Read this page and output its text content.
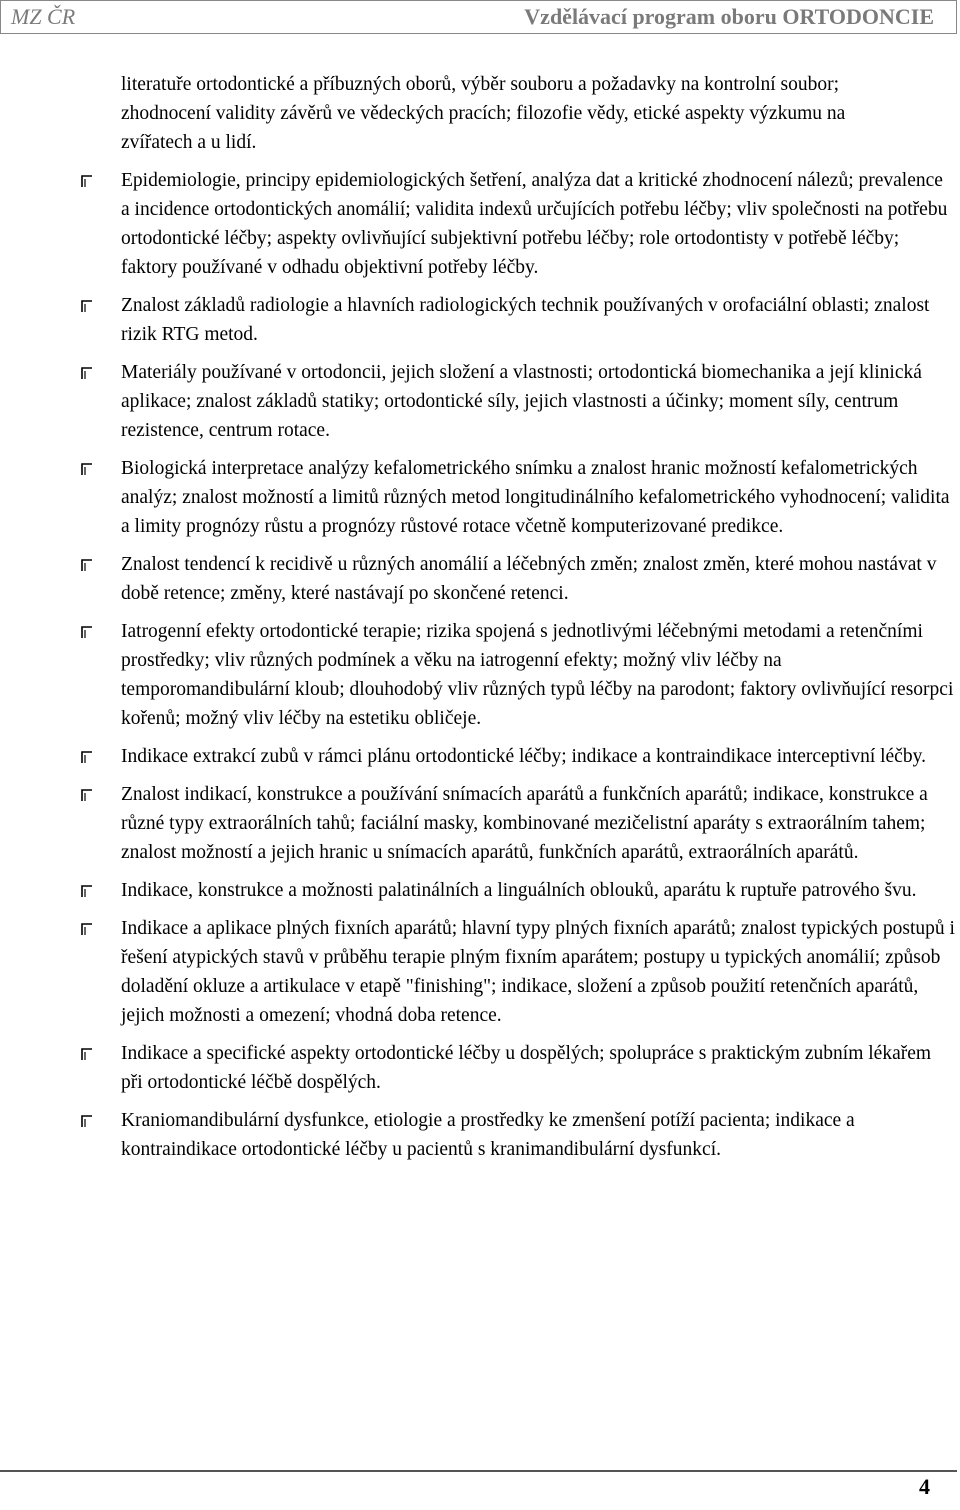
MZ ČR	Vzdělávací program oboru ORTODONCIE
literatuře ortodontické a příbuzných oborů, výběr souboru a požadavky na kontrolní soubor; zhodnocení validity závěrů ve vědeckých pracích; filozofie vědy, etické aspekty výzkumu na zvířatech a u lidí.
Epidemiologie, principy epidemiologických šetření, analýza dat a kritické zhodnocení nálezů; prevalence a incidence ortodontických anomálií; validita indexů určujících potřebu léčby; vliv společnosti na potřebu ortodontické léčby; aspekty ovlivňující subjektivní potřebu léčby; role ortodontisty v potřebě léčby; faktory používané v odhadu objektivní potřeby léčby.
Znalost základů radiologie a hlavních radiologických technik používaných v orofaciální oblasti; znalost rizik RTG metod.
Materiály používané v ortodoncii, jejich složení a vlastnosti; ortodontická biomechanika a její klinická aplikace; znalost základů statiky; ortodontické síly, jejich vlastnosti a účinky; moment síly, centrum rezistence, centrum rotace.
Biologická interpretace analýzy kefalometrického snímku a znalost hranic možností kefalometrických analýz; znalost možností a limitů různých metod longitudinálního kefalometrického vyhodnocení; validita a limity prognózy růstu a prognózy růstové rotace včetně komputerizované predikce.
Znalost tendencí k recidivě u různých anomálií a léčebných změn; znalost změn, které mohou nastávat v době retence; změny, které nastávají po skončené retenci.
Iatrogenní efekty ortodontické terapie; rizika spojená s jednotlivými léčebnými metodami a retenčními prostředky; vliv různých podmínek a věku na iatrogenní efekty; možný vliv léčby na temporomandibulární kloub; dlouhodobý vliv různých typů léčby na parodont; faktory ovlivňující resorpci kořenů; možný vliv léčby na estetiku obličeje.
Indikace extrakcí zubů v rámci plánu ortodontické léčby; indikace a kontraindikace interceptivní léčby.
Znalost indikací, konstrukce a používání snímacích aparátů a funkčních aparátů; indikace, konstrukce a různé typy extraorálních tahů; faciální masky, kombinované mezičelistní aparáty s extraorálním tahem; znalost možností a jejich hranic u snímacích aparátů, funkčních aparátů, extraorálních aparátů.
Indikace, konstrukce a možnosti palatinálních a linguálních oblouků, aparátu k ruptuře patrového švu.
Indikace a aplikace plných fixních aparátů; hlavní typy plných fixních aparátů; znalost typických postupů i řešení atypických stavů v průběhu terapie plným fixním aparátem; postupy u typických anomálií; způsob doladění okluze a artikulace v etapě "finishing"; indikace, složení a způsob použití retenčních aparátů, jejich možnosti a omezení; vhodná doba retence.
Indikace a specifické aspekty ortodontické léčby u dospělých; spolupráce s praktickým zubním lékařem při ortodontické léčbě dospělých.
Kraniomandibulární dysfunkce, etiologie a prostředky ke zmenšení potíží pacienta; indikace a kontraindikace ortodontické léčby u pacientů s kranimandibulární dysfunkcí.
4
